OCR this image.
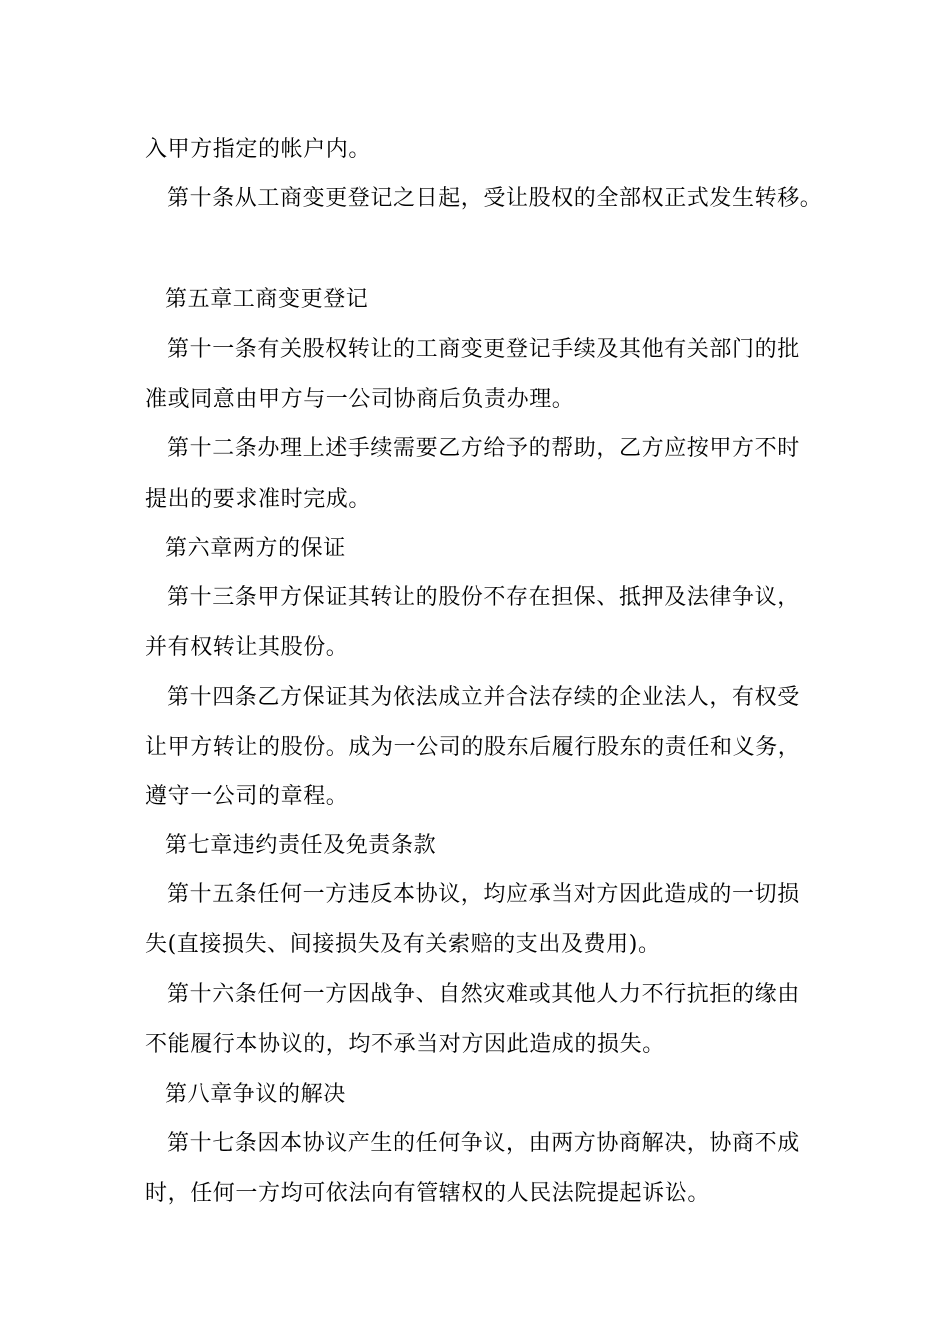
入甲方指定的帐户内。
第十条从工商变更登记之日起，受让股权的全部权正式发生转移。
第五章工商变更登记
第十一条有关股权转让的工商变更登记手续及其他有关部门的批
准或同意由甲方与一公司协商后负责办理。
第十二条办理上述手续需要乙方给予的帮助，乙方应按甲方不时
提出的要求准时完成。
第六章两方的保证
第十三条甲方保证其转让的股份不存在担保、抵押及法律争议，
并有权转让其股份。
第十四条乙方保证其为依法成立并合法存续的企业法人，有权受
让甲方转让的股份。成为一公司的股东后履行股东的责任和义务，
遵守一公司的章程。
第七章违约责任及免责条款
第十五条任何一方违反本协议，均应承当对方因此造成的一切损
失(直接损失、间接损失及有关索赔的支出及费用)。
第十六条任何一方因战争、自然灾难或其他人力不行抗拒的缘由
不能履行本协议的，均不承当对方因此造成的损失。
第八章争议的解决
第十七条因本协议产生的任何争议，由两方协商解决，协商不成
时，任何一方均可依法向有管辖权的人民法院提起诉讼。
